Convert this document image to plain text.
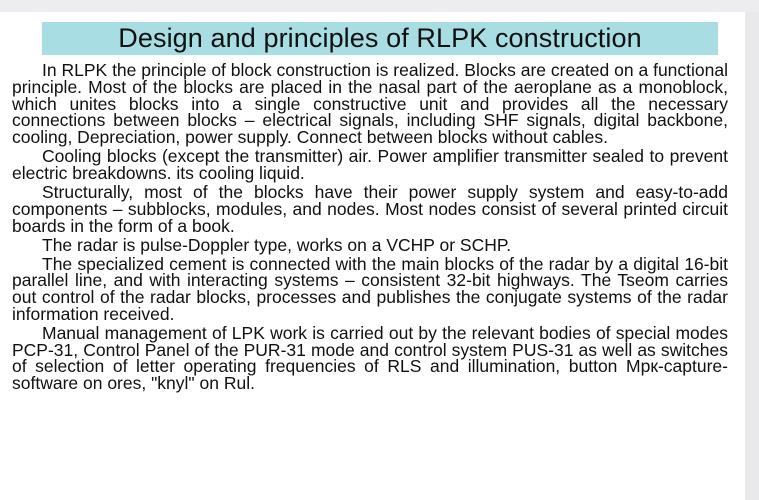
Design and principles of RLPK construction

In RLPK the principle of block construction is realized. Blocks are created on a functional principle. Most of the blocks are placed in the nasal part of the aeroplane as a monoblock, which unites blocks into a single constructive unit and provides all the necessary connections between blocks – electrical signals, including SHF signals, digital backbone, cooling, Depreciation, power supply. Connect between blocks without cables.

Cooling blocks (except the transmitter) air. Power amplifier transmitter sealed to prevent electric breakdowns. its cooling liquid.

Structurally, most of the blocks have their power supply system and easy-to-add components – subblocks, modules, and nodes. Most nodes consist of several printed circuit boards in the form of a book.

The radar is pulse-Doppler type, works on a VCHP or SCHP.

The specialized cement is connected with the main blocks of the radar by a digital 16-bit parallel line, and with interacting systems – consistent 32-bit highways. The Tseom carries out control of the radar blocks, processes and publishes the conjugate systems of the radar information received.

Manual management of LPK work is carried out by the relevant bodies of special modes PCP-31, Control Panel of the PUR-31 mode and control system PUS-31 as well as switches of selection of letter operating frequencies of RLS and illumination, button Мрк-capture-software on ores, "knyl" on Rul.
